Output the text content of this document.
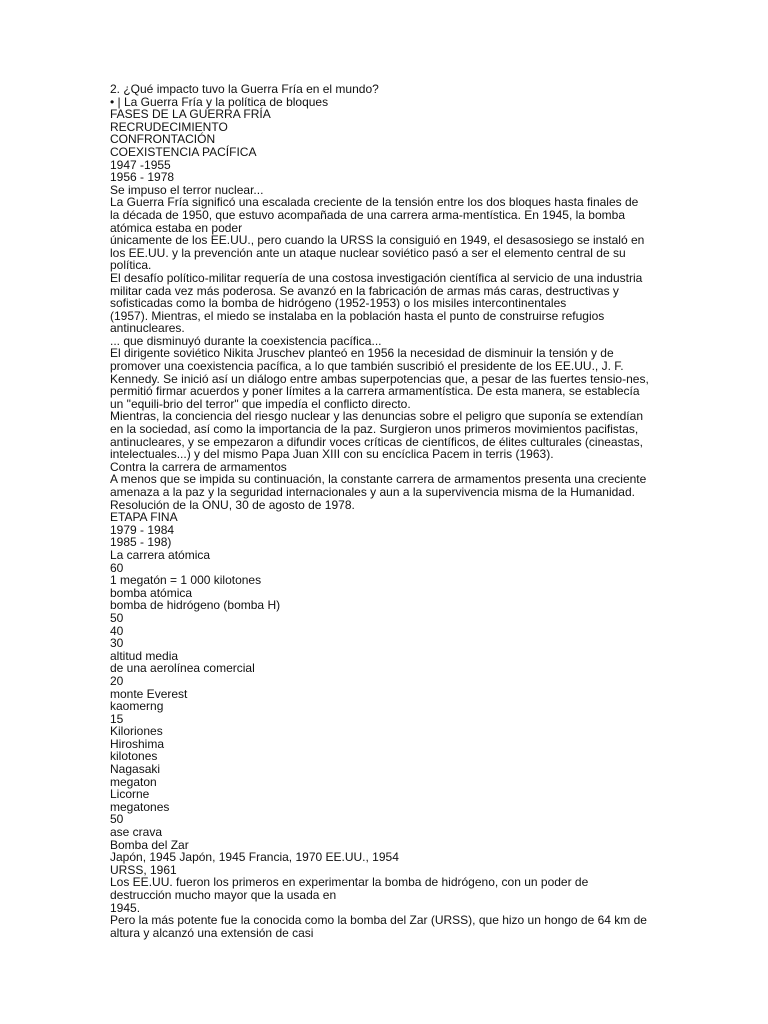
2. ¿Qué impacto tuvo la Guerra Fría en el mundo?

• | La Guerra Fría y la política de bloques

FASES DE LA GUERRA FRÍA

RECRUDECIMIENTO

CONFRONTACIÓN

COEXISTENCIA PACÍFICA

1947 -1955

1956 - 1978

Se impuso el terror nuclear...

La Guerra Fría significó una escalada creciente de la tensión entre los dos bloques hasta finales de la década de 1950, que estuvo acompañada de una carrera arma-mentística. En 1945, la bomba atómica estaba en poder

únicamente de los EE.UU., pero cuando la URSS la consiguió en 1949, el desasosiego se instaló en los EE.UU. y la prevención ante un ataque nuclear soviético pasó a ser el elemento central de su política.

El desafío político-militar requería de una costosa investigación científica al servicio de una industria militar cada vez más poderosa. Se avanzó en la fabricación de armas más caras, destructivas y sofisticadas como la bomba de hidrógeno (1952-1953) o los misiles intercontinentales

(1957). Mientras, el miedo se instalaba en la población hasta el punto de construirse refugios antinucleares.

... que disminuyó durante la coexistencia pacífica...

El dirigente soviético Nikita Jruschev planteó en 1956 la necesidad de disminuir la tensión y de promover una coexistencia pacífica, a lo que también suscribió el presidente de los EE.UU., J. F. Kennedy. Se inició así un diálogo entre ambas superpotencias que, a pesar de las fuertes tensio-nes, permitió firmar acuerdos y poner límites a la carrera armamentística. De esta manera, se establecía un "equili-brio del terror" que impedía el conflicto directo.

Mientras, la conciencia del riesgo nuclear y las denuncias sobre el peligro que suponía se extendían en la sociedad, así como la importancia de la paz. Surgieron unos primeros movimientos pacifistas, antinucleares, y se empezaron a difundir voces críticas de científicos, de élites culturales (cineastas, intelectuales...) y del mismo Papa Juan XIII con su encíclica Pacem in terris (1963).

Contra la carrera de armamentos

A menos que se impida su continuación, la constante carrera de armamentos presenta una creciente amenaza a la paz y la seguridad internacionales y aun a la supervivencia misma de la Humanidad.

Resolución de la ONU, 30 de agosto de 1978.

ETAPA FINA

1979 - 1984

1985 - 198)

La carrera atómica

60

1 megatón = 1 000 kilotones

bomba atómica

bomba de hidrógeno (bomba H)

50

40

30

altitud media

de una aerolínea comercial

20

monte Everest

kaomerng

15

Kiloriones

Hiroshima

kilotones

Nagasaki

megaton

Licorne

megatones

50

ase crava

Bomba del Zar

Japón, 1945 Japón, 1945 Francia, 1970 EE.UU., 1954

URSS, 1961

Los EE.UU. fueron los primeros en experimentar la bomba de hidrógeno, con un poder de destrucción mucho mayor que la usada en

1945.

Pero la más potente fue la conocida como la bomba del Zar (URSS), que hizo un hongo de 64 km de altura y alcanzó una extensión de casi
